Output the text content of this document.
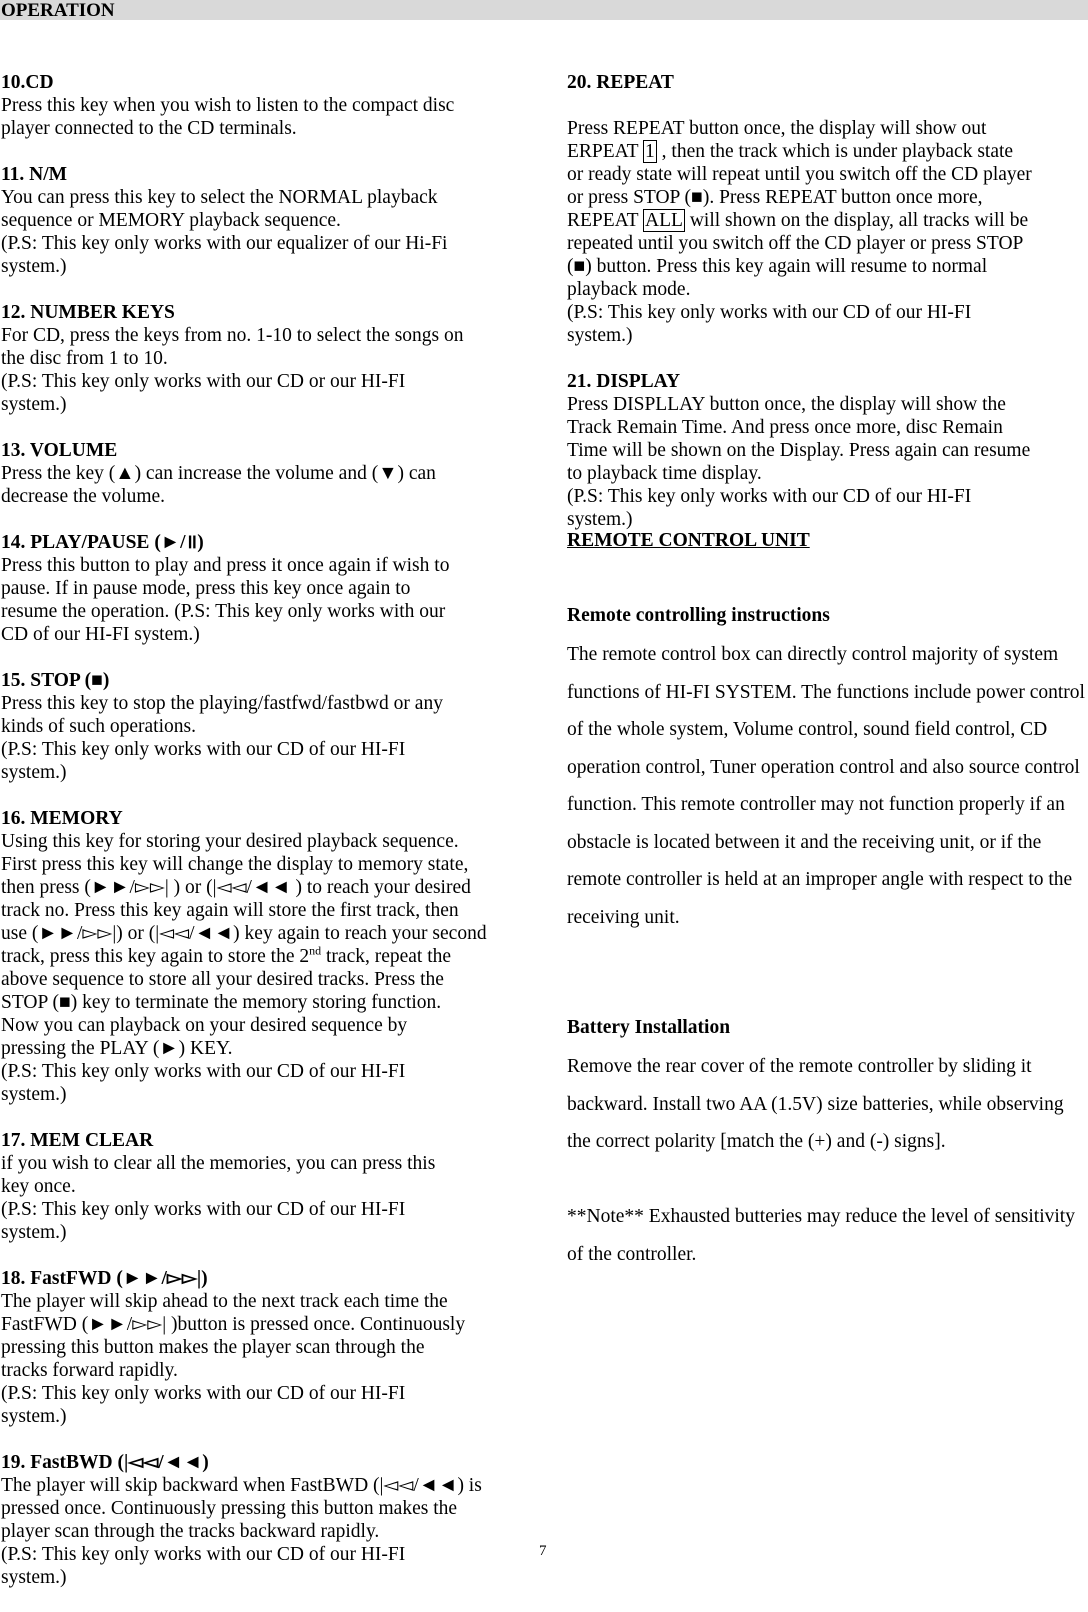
OPERATION

10.CD

Press this key when you wish to listen to the compact disc
player connected to the CD terminals.

11. N/M

You can press this key to select the NORMAL playback
sequence or MEMORY playback sequence.
(P.S: This key only works with our equalizer of our Hi-Fi
system.)

12. NUMBER KEYS

For CD, press the keys from no. 1-10 to select the songs on
the disc from 1 to 10.
(P.S: This key only works with our CD or our HI-FI
system.)

13. VOLUME

Press the key (▲) can increase the volume and (▼) can
decrease the volume.

14. PLAY/PAUSE (►/॥)

Press this button to play and press it once again if wish to
pause. If in pause mode, press this key once again to
resume the operation. (P.S: This key only works with our
CD of our HI-FI system.)

15. STOP (■)

Press this key to stop the playing/fastfwd/fastbwd or any
kinds of such operations.
(P.S: This key only works with our CD of our HI-FI
system.)

16. MEMORY

Using this key for storing your desired playback sequence.
First press this key will change the display to memory state,
then press (►►/▻▻| ) or (|◅◅/◄◄ ) to reach your desired
track no. Press this key again will store the first track, then
use (►►/▻▻|) or (|◅◅/◄◄) key again to reach your second
track, press this key again to store the 2nd track, repeat the
above sequence to store all your desired tracks. Press the
STOP (■) key to terminate the memory storing function.
Now you can playback on your desired sequence by
pressing the PLAY (►) KEY.
(P.S: This key only works with our CD of our HI-FI
system.)

17. MEM CLEAR

if you wish to clear all the memories, you can press this
key once.
(P.S: This key only works with our CD of our HI-FI
system.)

18. FastFWD (►►/▻▻|)

The player will skip ahead to the next track each time the
FastFWD (►►/▻▻| )button is pressed once. Continuously
pressing this button makes the player scan through the
tracks forward rapidly.
(P.S: This key only works with our CD of our HI-FI
system.)

19. FastBWD (|◅◅/◄◄)

The player will skip backward when FastBWD (|◅◅/◄◄) is
pressed once. Continuously pressing this button makes the
player scan through the tracks backward rapidly.
(P.S: This key only works with our CD of our HI-FI
system.)

20. REPEAT

Press REPEAT button once, the display will show out
ERPEAT 1 , then the track which is under playback state
or ready state will repeat until you switch off the CD player
or press STOP (■). Press REPEAT button once more,
REPEAT ALL will shown on the display, all tracks will be
repeated until you switch off the CD player or press STOP
(■) button. Press this key again will resume to normal
playback mode.
(P.S: This key only works with our CD of our HI-FI
system.)

21. DISPLAY

Press DISPLLAY button once, the display will show the
Track Remain Time. And press once more, disc Remain
Time will be shown on the Display. Press again can resume
to playback time display.
(P.S: This key only works with our CD of our HI-FI
system.)

REMOTE CONTROL UNIT
Remote controlling instructions
The remote control box can directly control majority of system functions of HI-FI SYSTEM. The functions include power control of the whole system, Volume control, sound field control, CD operation control, Tuner operation control and also source control function. This remote controller may not function properly if an obstacle is located between it and the receiving unit, or if the remote controller is held at an improper angle with respect to the receiving unit.
Battery Installation
Remove the rear cover of the remote controller by sliding it backward. Install two AA (1.5V) size batteries, while observing the correct polarity [match the (+) and (-) signs].
**Note** Exhausted butteries may reduce the level of sensitivity of the controller.
7
